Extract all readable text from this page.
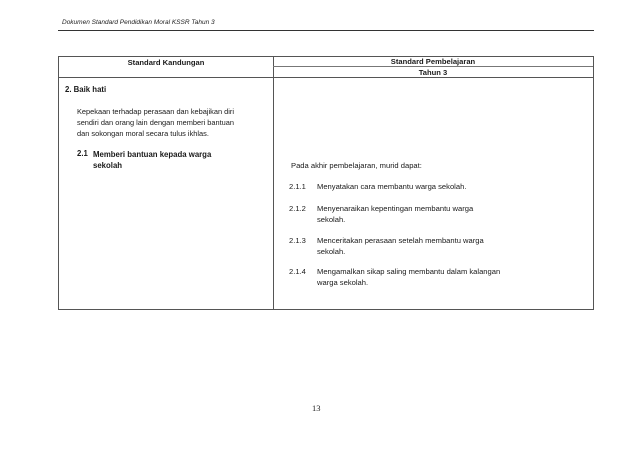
Dokumen Standard Pendidikan Moral KSSR Tahun 3
Standard Kandungan	Standard Pembelajaran
Tahun 3
2. Baik hati
Kepekaan terhadap perasaan dan kebajikan diri
sendiri dan orang lain dengan memberi bantuan
dan sokongan moral secara tulus ikhlas.
2.1 Memberi bantuan kepada warga
sekolah	Pada akhir pembelajaran, murid dapat:
2.1.1 Menyatakan cara membantu warga sekolah.
2.1.2 Menyenaraikan kepentingan membantu warga
sekolah.
2.1.3 Menceritakan perasaan setelah membantu warga
sekolah.
2.1.4 Mengamalkan sikap saling membantu dalam kalangan
warga sekolah.
13
